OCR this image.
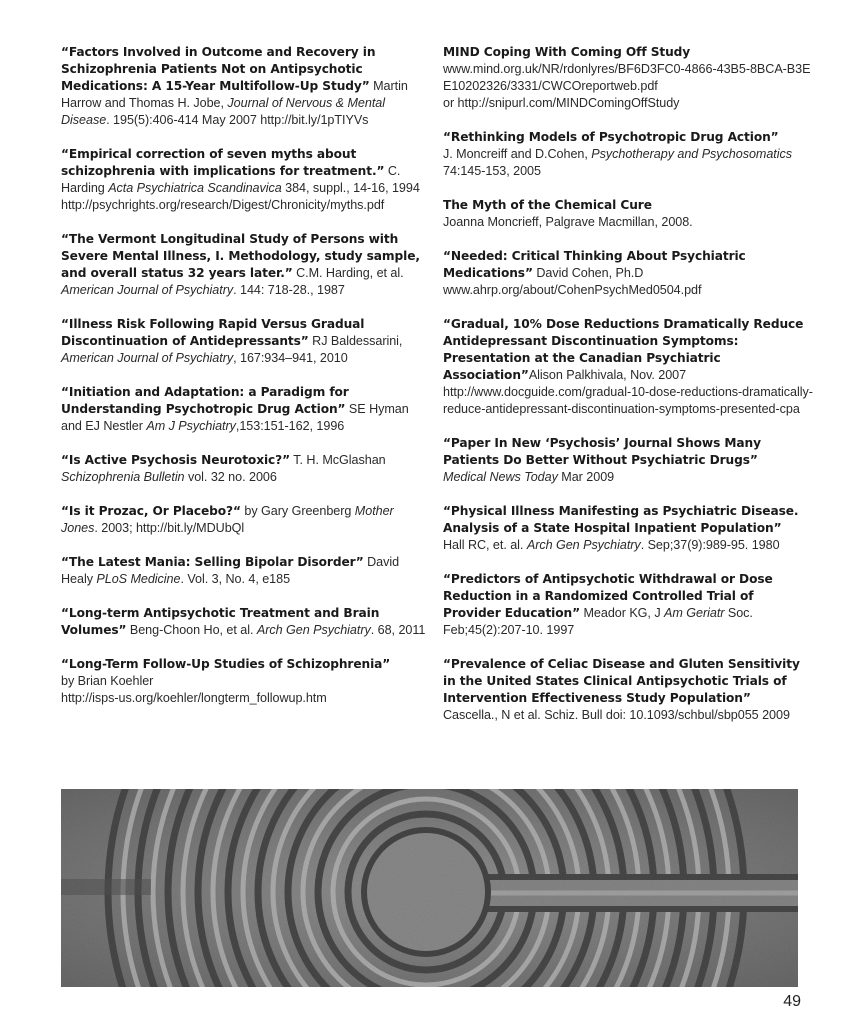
“Factors Involved in Outcome and Recovery in Schizophrenia Patients Not on Antipsychotic Medications: A 15-Year Multifollow-Up Study” Martin Harrow and Thomas H. Jobe, Journal of Nervous & Mental Disease. 195(5):406-414 May 2007 http://bit.ly/1pTIYVs

“Empirical correction of seven myths about schizophrenia with implications for treatment.” C. Harding Acta Psychiatrica Scandinavica 384, suppl., 14-16, 1994
http://psychrights.org/research/Digest/Chronicity/myths.pdf

“The Vermont Longitudinal Study of Persons with Severe Mental Illness, I. Methodology, study sample, and overall status 32 years later.” C.M. Harding, et al. American Journal of Psychiatry. 144: 718-28., 1987

“Illness Risk Following Rapid Versus Gradual Discontinuation of Antidepressants” RJ Baldessarini, American Journal of Psychiatry, 167:934–941, 2010

“Initiation and Adaptation: a Paradigm for Understanding Psychotropic Drug Action” SE Hyman and EJ Nestler Am J Psychiatry,153:151-162, 1996

“Is Active Psychosis Neurotoxic?” T. H. McGlashan Schizophrenia Bulletin vol. 32 no. 2006

“Is it Prozac, Or Placebo?“ by Gary Greenberg Mother Jones. 2003; http://bit.ly/MDUbQl

“The Latest Mania: Selling Bipolar Disorder” David Healy PLoS Medicine. Vol. 3, No. 4, e185

“Long-term Antipsychotic Treatment and Brain Volumes” Beng-Choon Ho, et al. Arch Gen Psychiatry. 68, 2011

“Long-Term Follow-Up Studies of Schizophrenia”
by Brian Koehler
http://isps-us.org/koehler/longterm_followup.htm

MIND Coping With Coming Off Study
www.mind.org.uk/NR/rdonlyres/BF6D3FC0-4866-43B5-8BCA-B3EE10202326/3331/CWCOreportweb.pdf
or http://snipurl.com/MINDComingOffStudy

“Rethinking Models of Psychotropic Drug Action”
J. Moncreiff and D.Cohen, Psychotherapy and Psychosomatics
74:145-153, 2005

The Myth of the Chemical Cure
Joanna Moncrieff, Palgrave Macmillan, 2008.

“Needed: Critical Thinking About Psychiatric Medications” David Cohen, Ph.D www.ahrp.org/about/CohenPsychMed0504.pdf

“Gradual, 10% Dose Reductions Dramatically Reduce Antidepressant Discontinuation Symptoms: Presentation at the Canadian Psychiatric Association”Alison Palkhivala, Nov. 2007 http://www.docguide.com/gradual-10-dose-reductions-dramatically-reduce-antidepressant-discontinuation-symptoms-presented-cpa

“Paper In New ‘Psychosis’ Journal Shows Many Patients Do Better Without Psychiatric Drugs”
Medical News Today Mar 2009

“Physical Illness Manifesting as Psychiatric Disease. Analysis of a State Hospital Inpatient Population”
Hall RC, et. al. Arch Gen Psychiatry. Sep;37(9):989-95. 1980

“Predictors of Antipsychotic Withdrawal or Dose Reduction in a Randomized Controlled Trial of Provider Education” Meador KG, J Am Geriatr Soc. Feb;45(2):207-10. 1997

“Prevalence of Celiac Disease and Gluten Sensitivity in the United States Clinical Antipsychotic Trials of Intervention Effectiveness Study Population”
Cascella., N et al. Schiz. Bull doi: 10.1093/schbul/sbp055 2009

49
